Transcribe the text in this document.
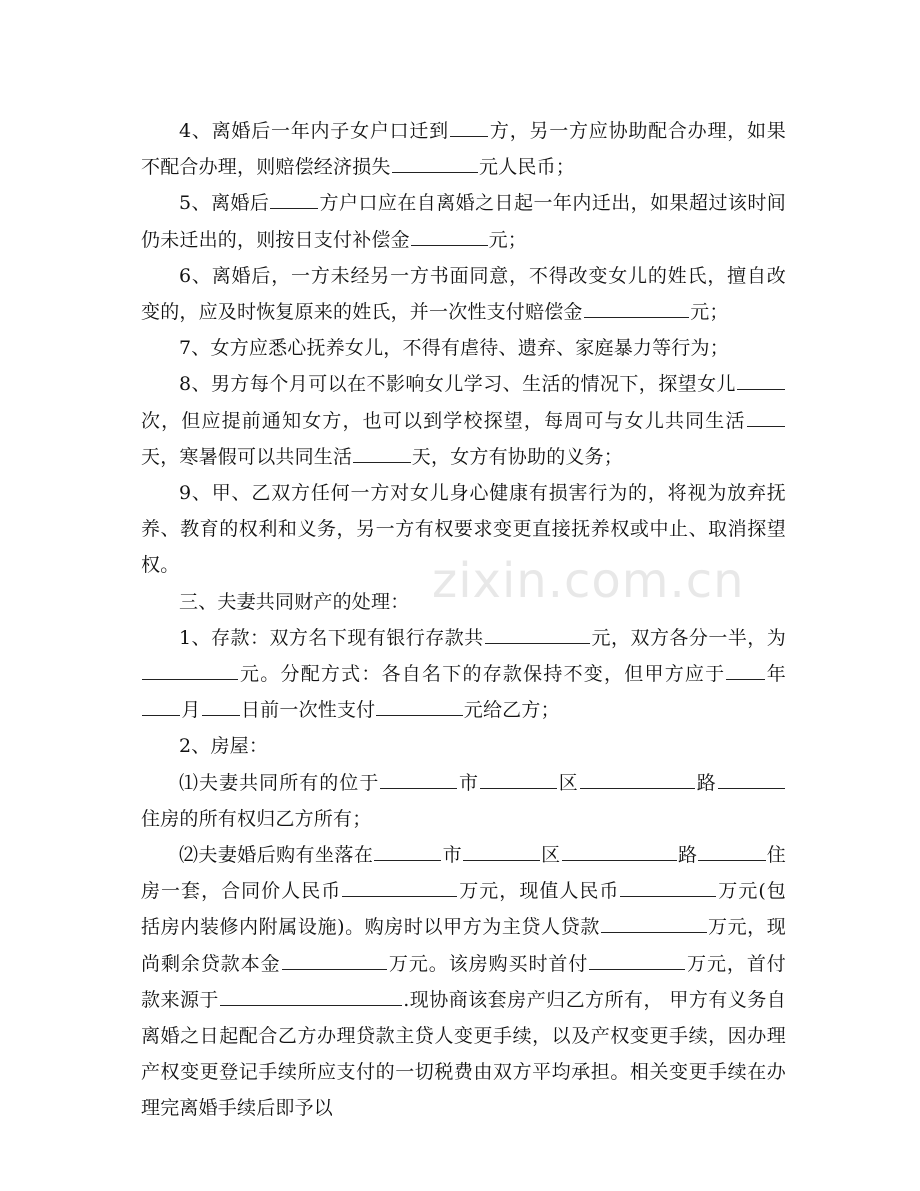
4、离婚后一年内子女户口迁到 方，另一方应协助配合办理，如果不配合办理，则赔偿经济损失	元人民币；

5、离婚后	方户口应在自离婚之日起一年内迁出，如果超过该时间仍未迁出的，则按日支付补偿金	元；

6、离婚后，一方未经另一方书面同意，不得改变女儿的姓氏，擅自改变的，应及时恢复原来的姓氏，并一次性支付赔偿金	元；

7、女方应悉心抚养女儿，不得有虐待、遗弃、家庭暴力等行为；

8、男方每个月可以在不影响女儿学习、生活的情况下，探望女儿次，但应提前通知女方，也可以到学校探望，每周可与女儿共同生活天，寒暑假可以共同生活	天，女方有协助的义务；

9、甲、乙双方任何一方对女儿身心健康有损害行为的，将视为放弃抚养、教育的权利和义务，另一方有权要求变更直接抚养权或中止、取消探望权。

三、夫妻共同财产的处理：

1、存款：双方名下现有银行存款共	元，双方各分一半，为元。分配方式：各自名下的存款保持不变，但甲方应于 年月 日前一次性支付	元给乙方；

2、房屋：

⑴夫妻共同所有的位于	市	区	路住房的所有权归乙方所有；

⑵夫妻婚后购有坐落在	市	区	路	住房一套，合同价人民币	万元，现值人民币	万元(包括房内装修内附属设施)。购房时以甲方为主贷人贷款	万元，现尚剩余贷款本金	万元。该房购买时首付	万元，首付款来源于	.现协商该套房产归乙方所有， 甲方有义务自离婚之日起配合乙方办理贷款主贷人变更手续，以及产权变更手续，因办理产权变更登记手续所应支付的一切税费由双方平均承担。相关变更手续在办理完离婚手续后即予以

zixin.com.cn
